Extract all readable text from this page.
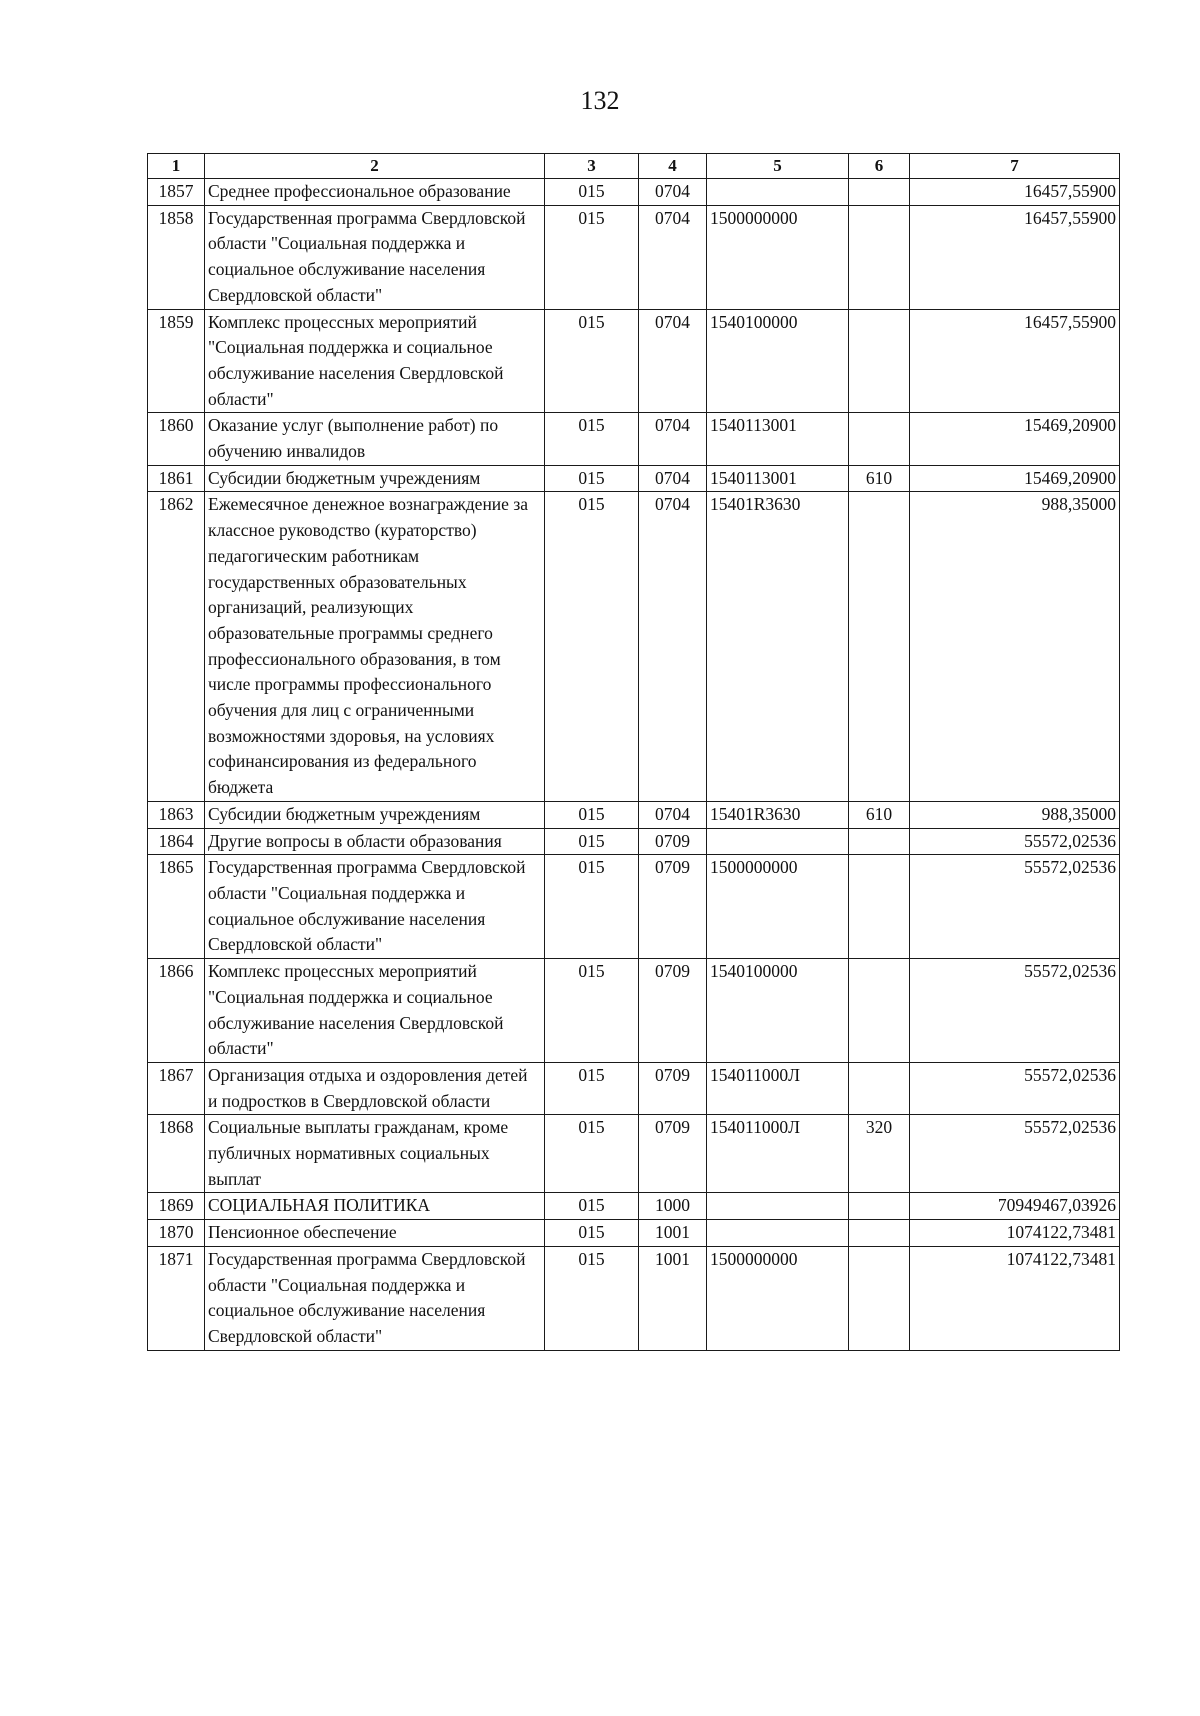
132
1	2	3	4	5	6	7
1857	Среднее профессиональное образование	015	0704			16457,55900
1858	Государственная программа Свердловской области "Социальная поддержка и социальное обслуживание населения Свердловской области"	015	0704	1500000000		16457,55900
1859	Комплекс процессных мероприятий "Социальная поддержка и социальное обслуживание населения Свердловской области"	015	0704	1540100000		16457,55900
1860	Оказание услуг (выполнение работ) по обучению инвалидов	015	0704	1540113001		15469,20900
1861	Субсидии бюджетным учреждениям	015	0704	1540113001	610	15469,20900
1862	Ежемесячное денежное вознаграждение за классное руководство (кураторство) педагогическим работникам государственных образовательных организаций, реализующих образовательные программы среднего профессионального образования, в том числе программы профессионального обучения для лиц с ограниченными возможностями здоровья, на условиях софинансирования из федерального бюджета	015	0704	15401R3630		988,35000
1863	Субсидии бюджетным учреждениям	015	0704	15401R3630	610	988,35000
1864	Другие вопросы в области образования	015	0709			55572,02536
1865	Государственная программа Свердловской области "Социальная поддержка и социальное обслуживание населения Свердловской области"	015	0709	1500000000		55572,02536
1866	Комплекс процессных мероприятий "Социальная поддержка и социальное обслуживание населения Свердловской области"	015	0709	1540100000		55572,02536
1867	Организация отдыха и оздоровления детей и подростков в Свердловской области	015	0709	154011000Л		55572,02536
1868	Социальные выплаты гражданам, кроме публичных нормативных социальных выплат	015	0709	154011000Л	320	55572,02536
1869	СОЦИАЛЬНАЯ ПОЛИТИКА	015	1000			70949467,03926
1870	Пенсионное обеспечение	015	1001			1074122,73481
1871	Государственная программа Свердловской области "Социальная поддержка и социальное обслуживание населения Свердловской области"	015	1001	1500000000		1074122,73481
